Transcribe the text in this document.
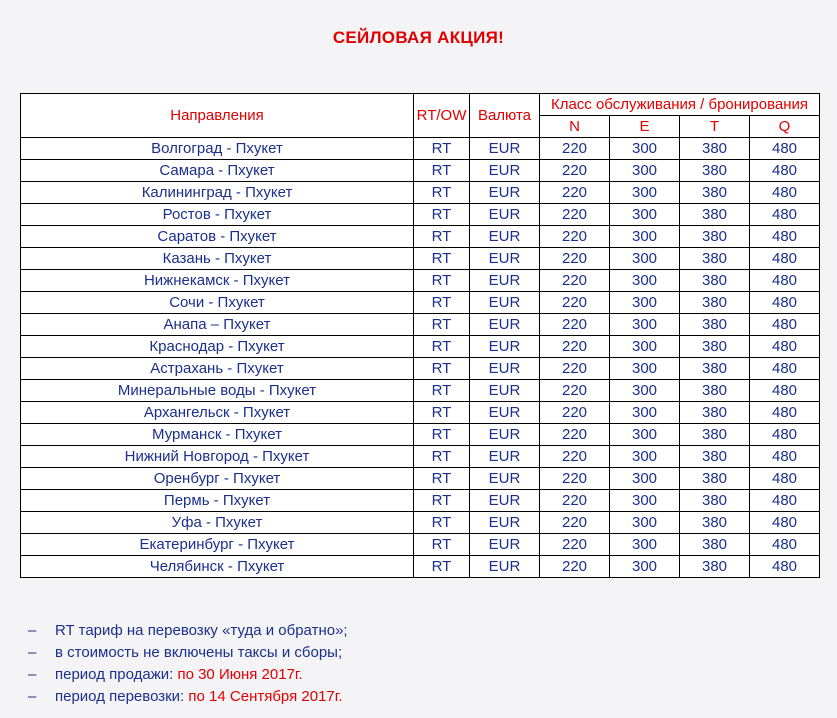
СЕЙЛОВАЯ АКЦИЯ!
Направления	RT/OW	Валюта	Класс обслуживания / бронирования			
			N	E	T	Q
Волгоград - Пхукет	RT	EUR	220	300	380	480
Самара - Пхукет	RT	EUR	220	300	380	480
Калининград - Пхукет	RT	EUR	220	300	380	480
Ростов - Пхукет	RT	EUR	220	300	380	480
Саратов - Пхукет	RT	EUR	220	300	380	480
Казань - Пхукет	RT	EUR	220	300	380	480
Нижнекамск - Пхукет	RT	EUR	220	300	380	480
Сочи - Пхукет	RT	EUR	220	300	380	480
Анапа – Пхукет	RT	EUR	220	300	380	480
Краснодар - Пхукет	RT	EUR	220	300	380	480
Астрахань - Пхукет	RT	EUR	220	300	380	480
Минеральные воды - Пхукет	RT	EUR	220	300	380	480
Архангельск - Пхукет	RT	EUR	220	300	380	480
Мурманск - Пхукет	RT	EUR	220	300	380	480
Нижний Новгород - Пхукет	RT	EUR	220	300	380	480
Оренбург - Пхукет	RT	EUR	220	300	380	480
Пермь - Пхукет	RT	EUR	220	300	380	480
Уфа - Пхукет	RT	EUR	220	300	380	480
Екатеринбург - Пхукет	RT	EUR	220	300	380	480
Челябинск - Пхукет	RT	EUR	220	300	380	480
– RT тариф на перевозку «туда и обратно»;
– в стоимость не включены таксы и сборы;
– период продажи: по 30 Июня 2017г.
– период перевозки: по 14 Сентября 2017г.
